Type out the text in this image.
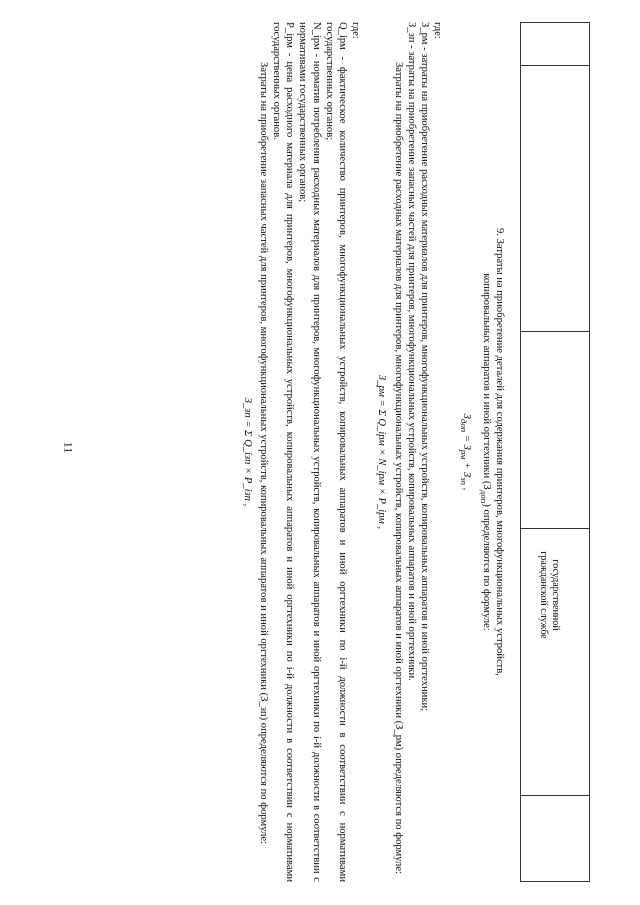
11
государственной гражданской службе

9. Затраты на приобретение деталей для содержания принтеров, многофункциональных устройств,

копировальных аппаратов и иной оргтехники $(З_{доп})$ определяются по формуле:

$З_{доп} = З_{рм} + З_{зп}$ ,

где:

З_рм - затраты на приобретение расходных материалов для принтеров, многофункциональных устройств, копировальных аппаратов и иной оргтехники;

З_зп - затраты на приобретение запасных частей для принтеров, многофункциональных устройств, копировальных аппаратов и иной оргтехники.

Затраты на приобретение расходных материалов для принтеров, многофункциональных устройств, копировальных аппаратов и иной оргтехники (З_рм) определяются по формуле:

З_рм = Σ Q_iрм × N_iрм × P_iрм ,

где:

Q_iрм - фактическое количество принтеров, многофункциональных устройств, копировальных аппаратов и иной оргтехники по i-й должности в соответствии с нормативами государственных органов;

N_iрм - норматив потребления расходных материалов для принтеров, многофункциональных устройств, копировальных аппаратов и иной оргтехники по i-й должности в соответствии с нормативами государственных органов;

P_iрм - цена расходного материала для принтеров, многофункциональных устройств, копировальных аппаратов и иной оргтехники по i-й должности в соответствии с нормативами государственных органов.

Затраты на приобретение запасных частей для принтеров, многофункциональных устройств, копировальных аппаратов и иной оргтехники (З_зп) определяются по формуле:

З_зп = Σ Q_iзп × P_iзп ,
